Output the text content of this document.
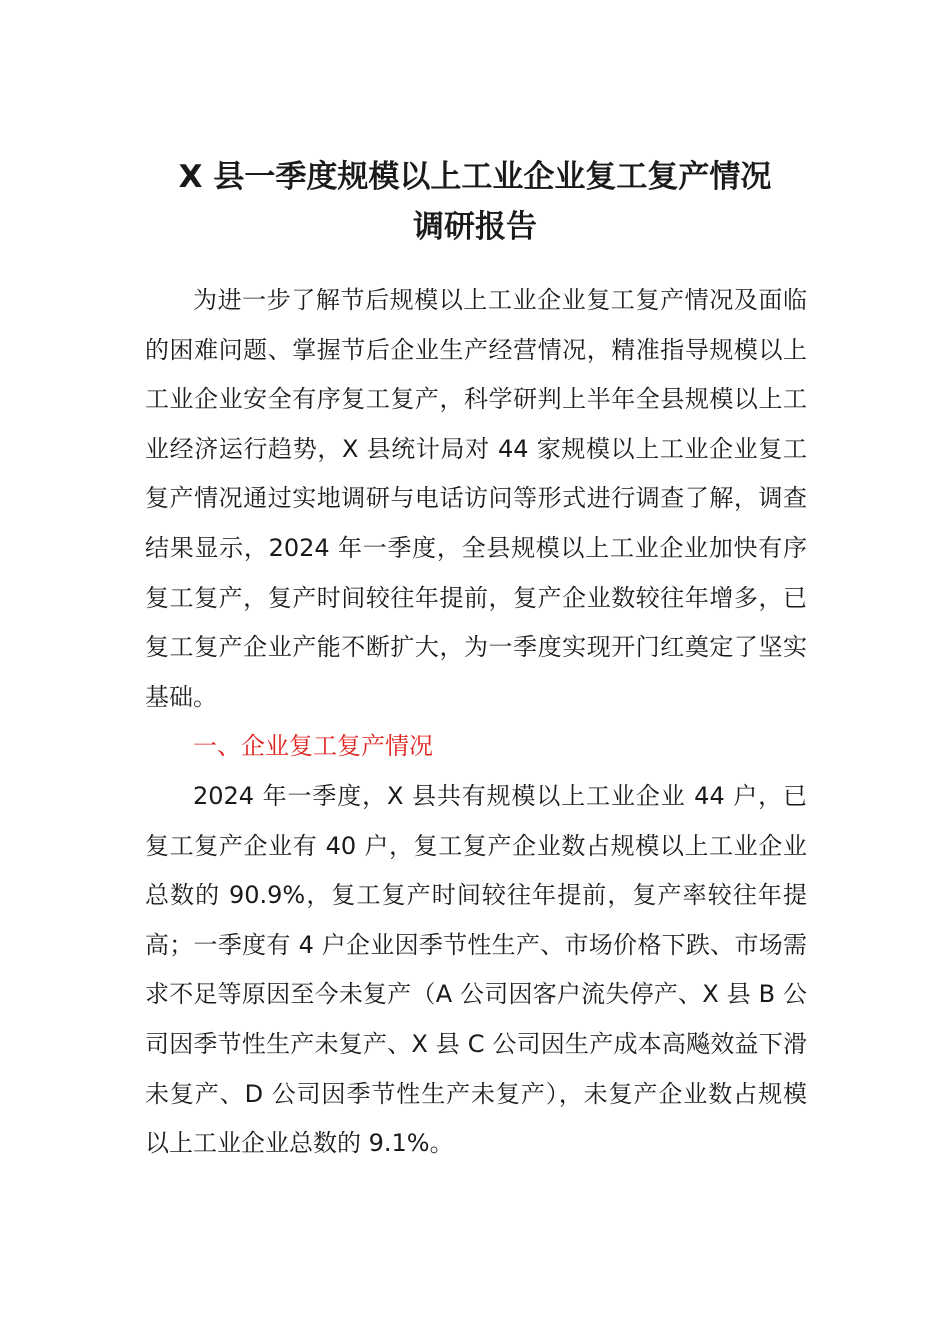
X 县一季度规模以上工业企业复工复产情况
调研报告

为进一步了解节后规模以上工业企业复工复产情况及面临的困难问题、掌握节后企业生产经营情况，精准指导规模以上工业企业安全有序复工复产，科学研判上半年全县规模以上工业经济运行趋势，X 县统计局对 44 家规模以上工业企业复工复产情况通过实地调研与电话访问等形式进行调查了解，调查结果显示，2024 年一季度，全县规模以上工业企业加快有序复工复产，复产时间较往年提前，复产企业数较往年增多，已复工复产企业产能不断扩大，为一季度实现开门红奠定了坚实基础。

一、企业复工复产情况

2024 年一季度，X 县共有规模以上工业企业 44 户，已复工复产企业有 40 户，复工复产企业数占规模以上工业企业总数的 90.9%，复工复产时间较往年提前，复产率较往年提高；一季度有 4 户企业因季节性生产、市场价格下跌、市场需求不足等原因至今未复产（A 公司因客户流失停产、X 县 B 公司因季节性生产未复产、X 县 C 公司因生产成本高飚效益下滑未复产、D 公司因季节性生产未复产），未复产企业数占规模以上工业企业总数的 9.1%。
